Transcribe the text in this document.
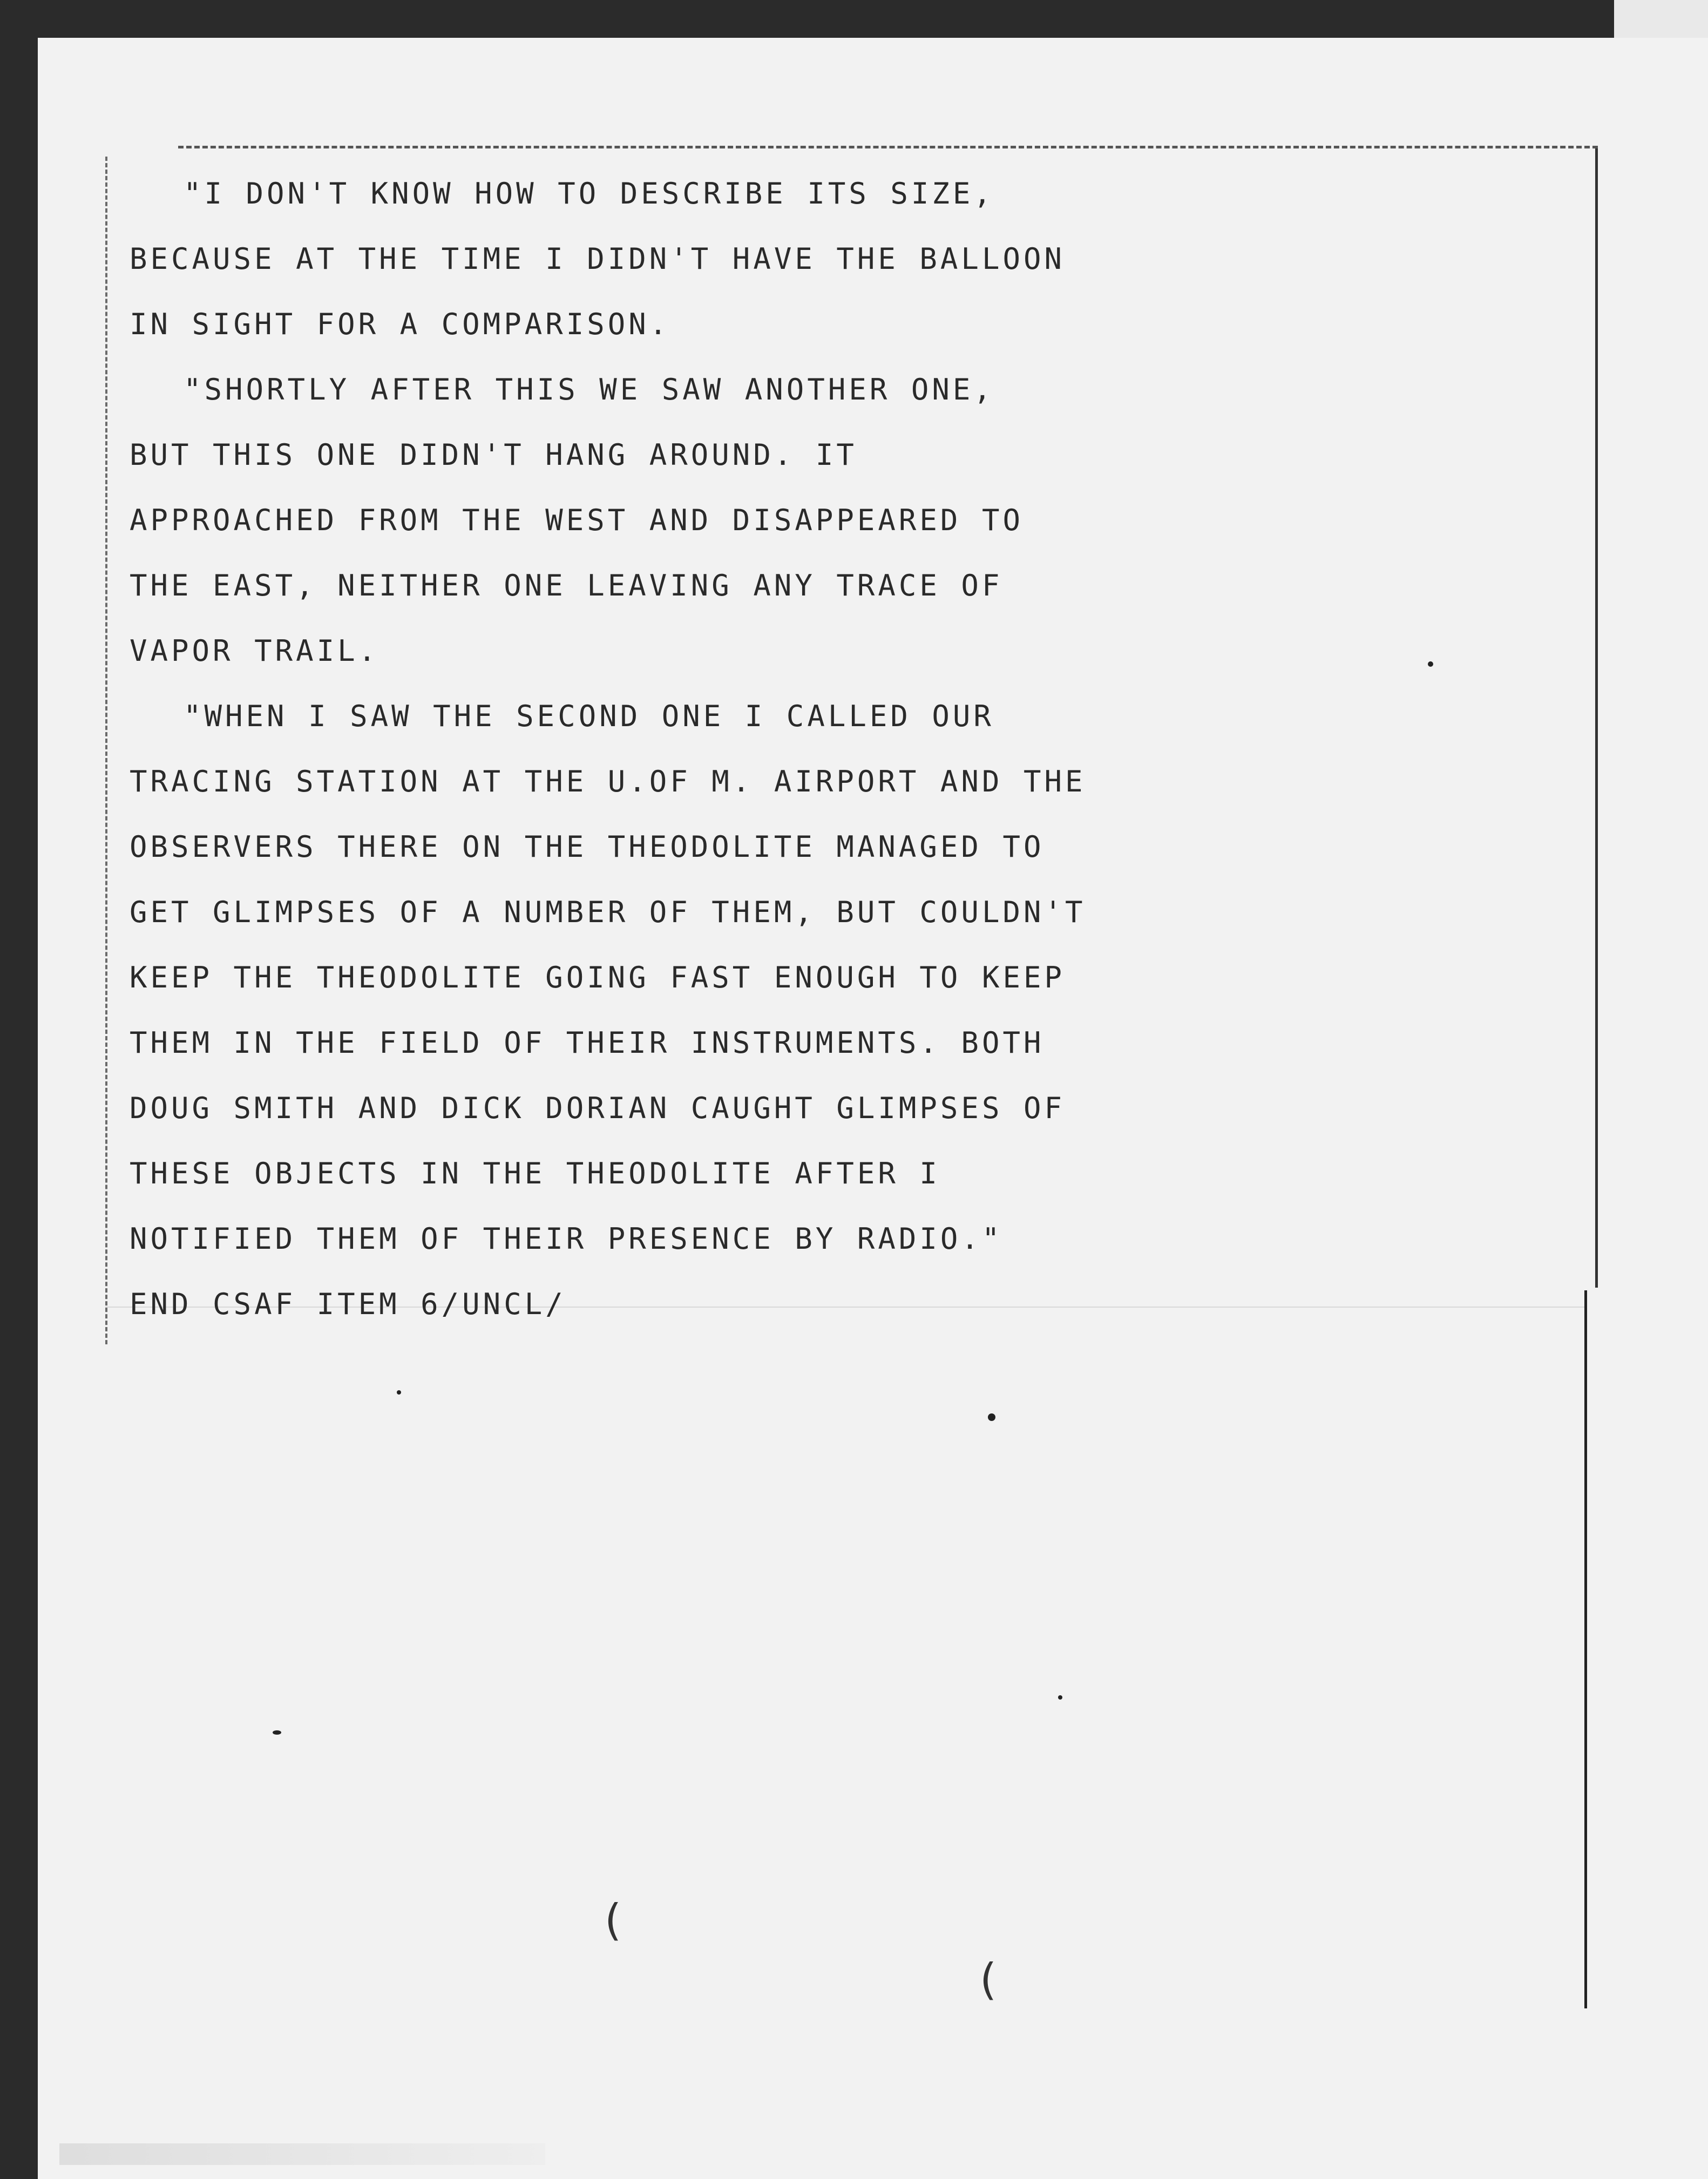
"I DON'T KNOW HOW TO DESCRIBE ITS SIZE,
BECAUSE AT THE TIME I DIDN'T HAVE THE BALLOON
IN SIGHT FOR A COMPARISON.
"SHORTLY AFTER THIS WE SAW ANOTHER ONE,
BUT THIS ONE DIDN'T HANG AROUND. IT
APPROACHED FROM THE WEST AND DISAPPEARED TO
THE EAST, NEITHER ONE LEAVING ANY TRACE OF
VAPOR TRAIL.
"WHEN I SAW THE SECOND ONE I CALLED OUR
TRACING STATION AT THE U.OF M. AIRPORT AND THE
OBSERVERS THERE ON THE THEODOLITE MANAGED TO
GET GLIMPSES OF A NUMBER OF THEM, BUT COULDN'T
KEEP THE THEODOLITE GOING FAST ENOUGH TO KEEP
THEM IN THE FIELD OF THEIR INSTRUMENTS. BOTH
DOUG SMITH AND DICK DORIAN CAUGHT GLIMPSES OF
THESE OBJECTS IN THE THEODOLITE AFTER I
NOTIFIED THEM OF THEIR PRESENCE BY RADIO."
END CSAF ITEM 6/UNCL/
(
(
